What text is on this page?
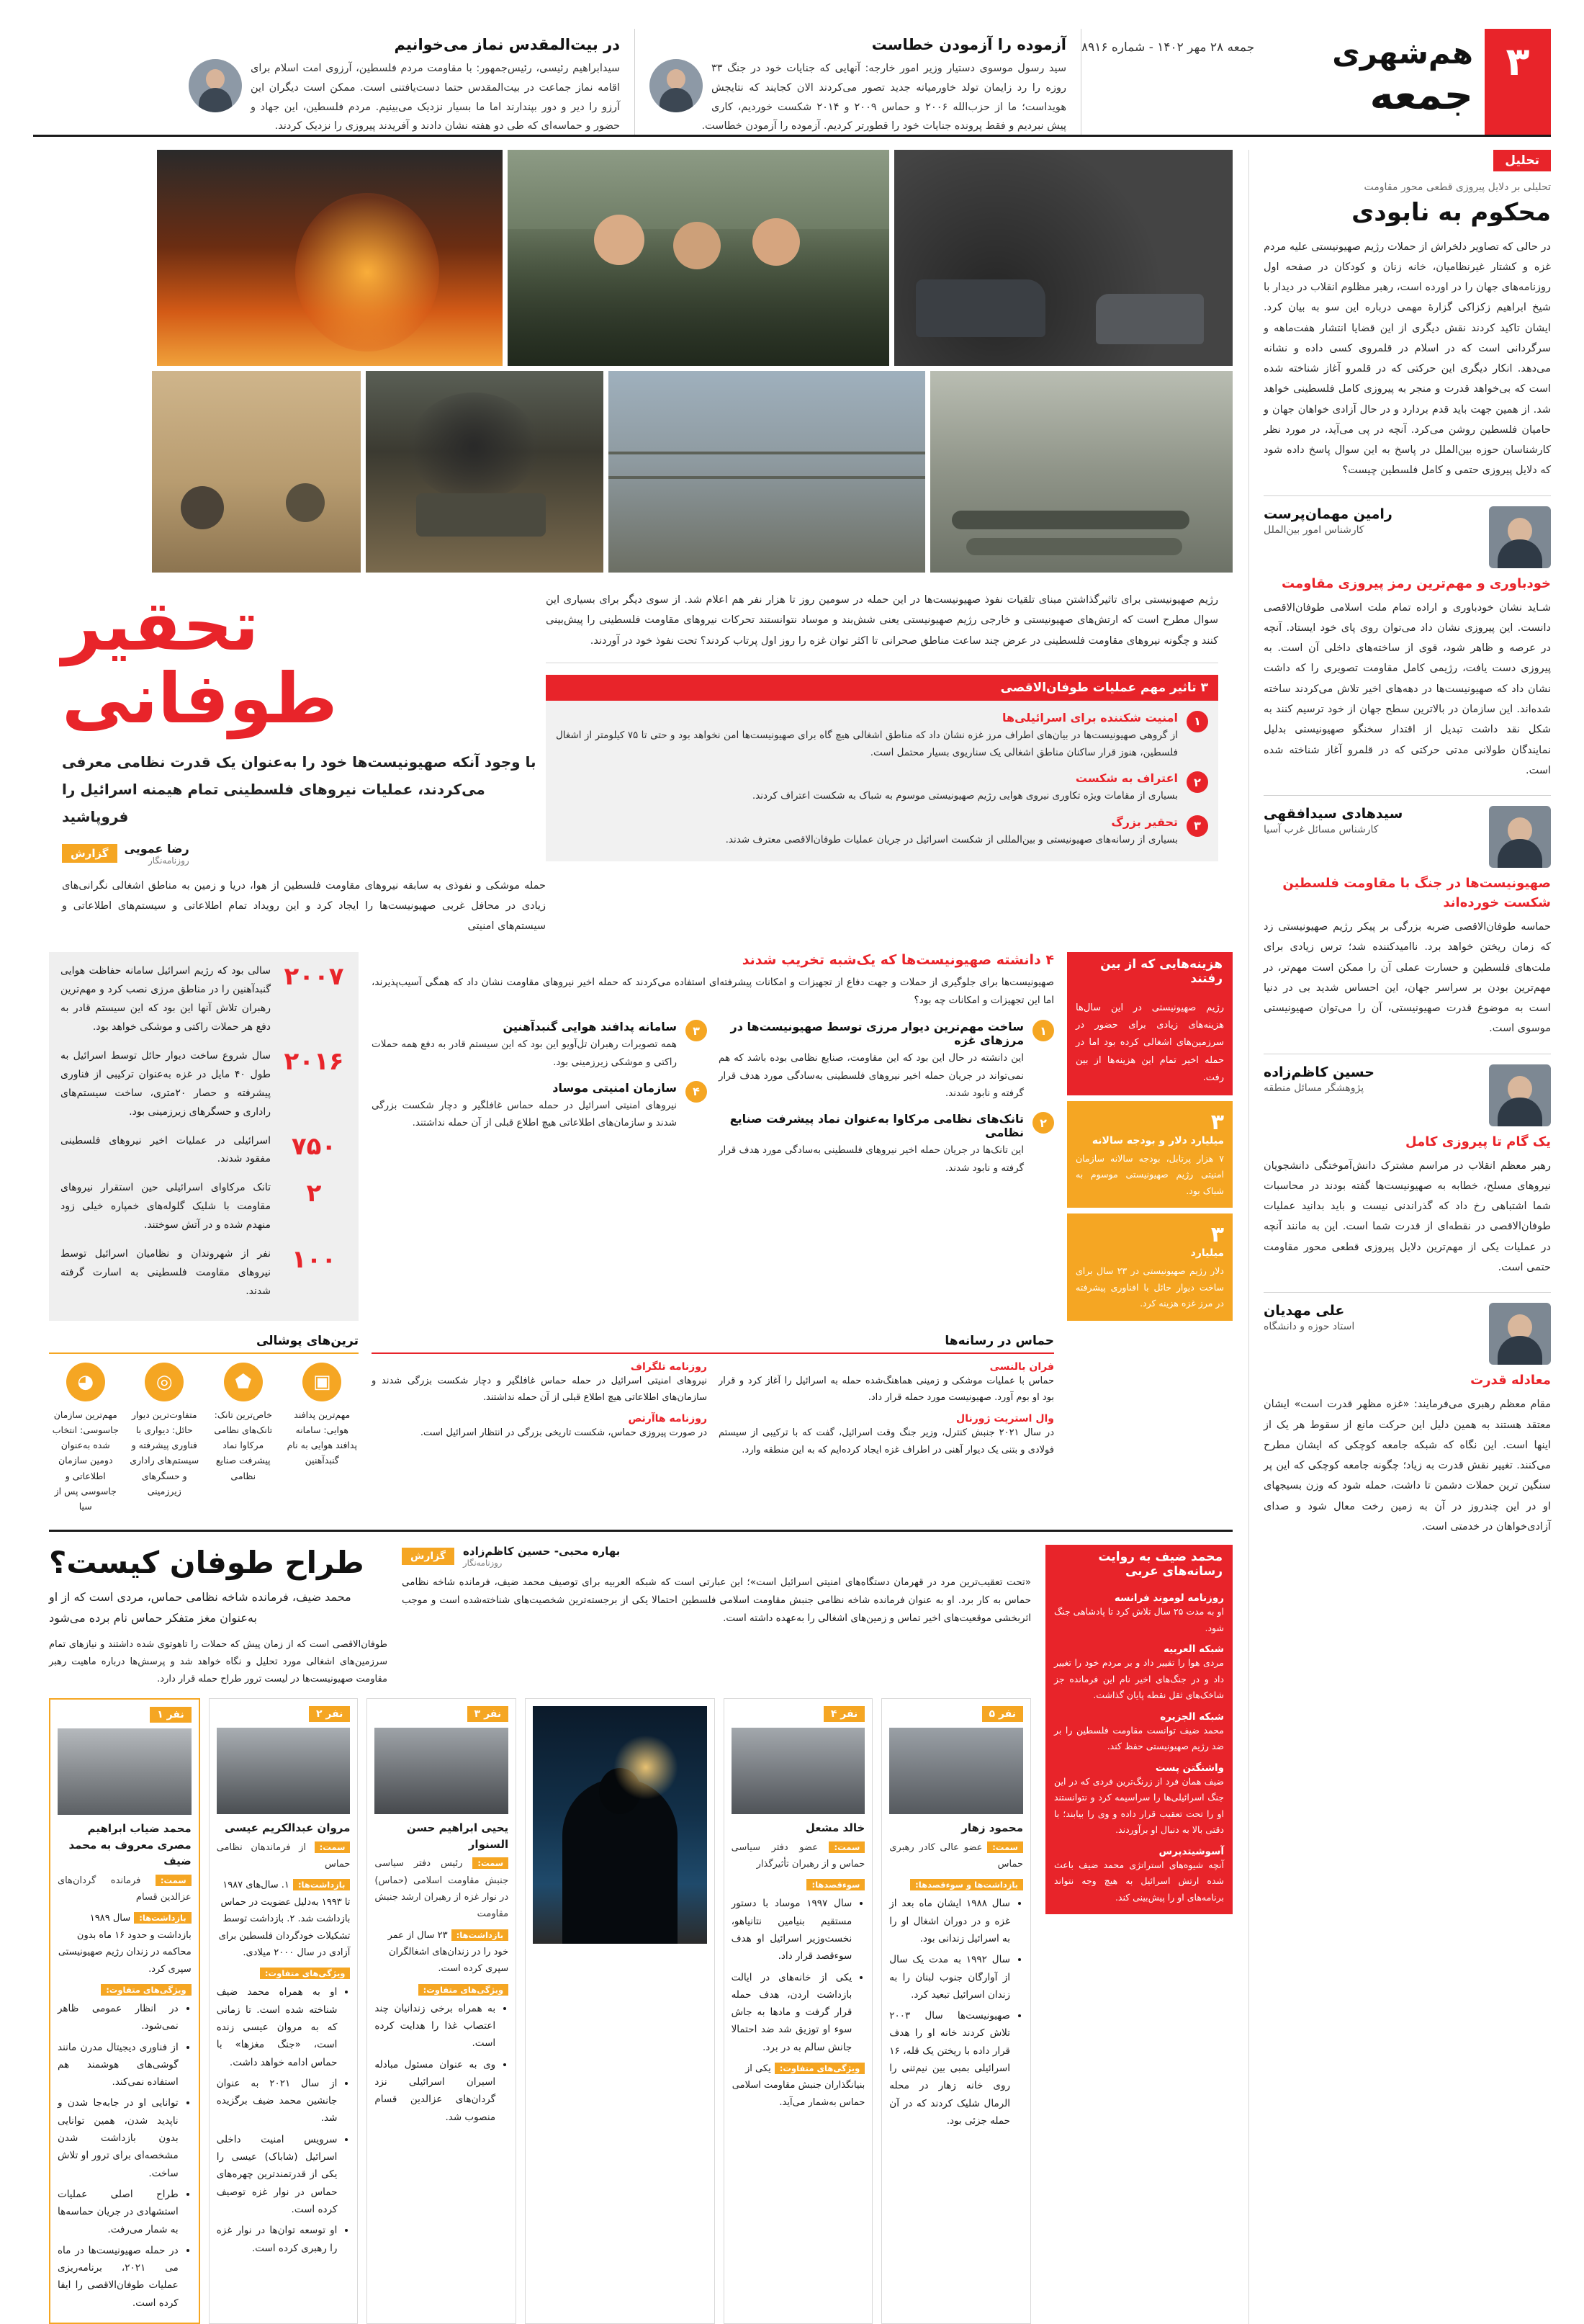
۳
هم‌شهری
جمعه
جمعه ۲۸ مهر ۱۴۰۲ - شماره ۸۹۱۶
آزموده را آزمودن خطاست

سید رسول موسوی دستیار وزیر امور خارجه: آنهایی که جنایات خود در جنگ ۳۳ روزه را رد زایمان تولد خاورمیانه جدید تصور می‌کردند الان کجایند که نتایجش هویداست؛ ما از حزب‌الله ۲۰۰۶ و حماس ۲۰۰۹ و ۲۰۱۴ شکست خوردیم، کاری پیش نبردیم و فقط پرونده جنایات خود را قطورتر کردیم. آزموده را آزمودن خطاست.

در بیت‌المقدس نماز می‌خوانیم

سیدابراهیم رئیسی، رئیس‌جمهور: با مقاومت مردم فلسطین، آرزوی امت اسلام برای اقامه نماز جماعت در بیت‌المقدس حتما دست‌یافتنی است. ممکن است دیگران این آرزو را دیر و دور بپندارند اما ما بسیار نزدیک می‌بینیم. مردم فلسطین، این جهاد و حضور و حماسه‌ای که طی دو هفته نشان دادند و آفریدند پیروزی را نزدیک کردند.

تحلیل
تحلیلی بر دلایل پیروزی قطعی محور مقاومت
محکوم به نابودی
در حالی که تصاویر دلخراش از حملات رژیم صهیونیستی علیه مردم غزه و کشتار غیرنظامیان، خانه زنان و کودکان در صفحه اول روزنامه‌های جهان را در اورده است، رهبر مظلوم انقلاب در دیدار با شیخ ابراهیم زکزاکی گزارهٔ مهمی درباره این سو به بیان کرد. ایشان تاکید کردند نقش دیگری از این قضایا انتشار هفت‌ماهه و سرگردانی است که در اسلام در قلمروی کسی داده و نشانه می‌دهد. انکار دیگری این حرکتی که در قلمرو آغاز شناخته شده است که بی‌خواهد قدرت و منجر به پیروزی کامل فلسطینی خواهد شد. از همین جهت باید قدم بردارد و در حال آزادی خواهان جهان و حامیان فلسطین روشن می‌کرد. آنچه در پی می‌آید، در مورد نظر کارشناسان حوزه بین‌الملل در پاسخ به این سوال پاسخ داده شود که دلایل پیروزی حتمی و کامل فلسطین چیست؟
رامین مهمان‌پرست
کارشناس امور بین‌الملل
خودباوری و مهم‌ترین رمز پیروزی مقاومت
شـاید نشان خودباوری و اراده تمام ملت اسلامی طوفان‌الاقصی دانست. این پیروزی نشان داد می‌توان روی پای خود ایستاد. آنچه در عرصه و ظاهر شود، قوی از ساخته‌های داخلی آن است. به پیروزی دست یافت، رژیمی کامل مقاومت تصویری را که داشت نشان داد که صهیونیست‌ها در دهه‌های اخیر تلاش می‌کردند ساخته شده‌اند. این سازمان در بالاترین سطح جهان از خود ترسیم کنند به شکل نقد داشت تبدیل از اقتدار سخنگو صهیونیستی بدلیل نمایندگان طولانی مدتی حرکتی که در قلمرو آغاز شناخته شده است.
سیدهادی سیدافقهی
کارشناس مسائل غرب آسیا
صهیونیست‌ها در جنگ با مقاومت فلسطین شکست خورده‌اند
حماسه طوفان‌الاقصی ضربه بزرگی بر پیکر رژیم صهیونیستی زد که زمان ریختن خواهد برد. ناامیدکننده شد؛ ترس زیادی برای ملت‌های فلسطین و حسارت عملی آن را ممکن است مهم‌تر، در مهم‌ترین بودن بر سراسر جهان، این احساس شدید بی در دنیا است به موضوع قدرت صهیونیستی، آن را می‌توان صهیونیستی موسوی است.
حسین کاظم‌زاده
پژوهشگر مسائل منطقه
یک گام تا پیروزی کامل
رهبر معظم انقلاب در مراسم مشترک دانش‌آموختگی دانشجویان نیروهای مسلح، خطابه به صهیونیست‌ها گفته بودند در محاسبات شما اشتباهی رخ داد که گذراندنی نیست و باید بدانید عملیات طوفان‌الاقصی در نقطه‌ای از قدرت شما است. این به مانند آنچه در عملیات یکی از مهم‌ترین دلایل پیروزی قطعی محور مقاومت حتمی است.
علی مهدیان
استاد حوزه و دانشگاه
معادله قدرت
مقام معظم رهبری می‌فرمایند: «غزه مظهر قدرت است» ایشان معتقد هستند به همین دلیل این حرکت مانع از سقوط هر یک از اینها است. این نگاه که شبکه جامعه کوچکی که ایشان مطرح می‌کنند. تغییر نقش قدرت به زیاد؛ چگونه جامعه کوچکی که این پر سنگین ترین حملات دشمن تا داشت، حمله شود که وزن بسیجهای او در این چندروز در آن به زمین رخت معال شود و صدای آزادی‌خواهان در خدمتی است.
رژیم صهیونیستی برای تاثیرگذاشتن مبنای تلقیات نفوذ صهیونیست‌ها در این حمله در سومین روز تا هزار نفر هم اعلام شد. از سوی دیگر برای بسیاری این سوال مطرح است که ارتش‌های صهیونیستی و خارجی رژیم صهیونیستی یعنی شش‌بند و موساد نتوانستند تحرکات نیروهای مقاومت فلسطینی را پیش‌بینی کنند و چگونه نیروهای مقاومت فلسطینی در عرض چند ساعت مناطق صحرانی تا اکثر توان غزه را روز اول پرتاب کردند؟ تحت نفوذ خود در آوردند.
۳ تاثیر مهم عملیات طوفان‌الاقصی
۱
امنیت شکننده برای اسرائیلی‌ها
از گروهی صهیونیست‌ها در بیان‌های اطراف مرز غزه نشان داد که مناطق اشغالی هیچ گاه برای صهیونیست‌ها امن نخواهد بود و حتی تا ۷۵ کیلومتر از اشغال فلسطین، هنوز قرار ساکنان مناطق اشغالی یک سناریوی بسیار محتمل است.
۲
اعتراف به شکست
بسیاری از مقامات ویژه تکاوری نیروی هوایی رژیم صهیونیستی موسوم به شباک به شکست اعتراف کردند.
۳
تحقیر بزرگ
بسیاری از رسانه‌های صهیونیستی و بین‌المللی از شکست اسرائیل در جریان عملیات طوفان‌الاقصی معترف شدند.
تحقیر طوفانی
با وجود آنکه صهیونیست‌ها خود را به‌عنوان یک قدرت نظامی معرفی می‌کردند، عملیات نیروهای فلسطینی تمام هیمنه اسرائیل را فروپاشید
رضا عمویی
روزنامه‌نگار
گزارش
حمله موشکی و نفوذی به سابقه نیروهای مقاومت فلسطین از هوا، دریا و زمین به مناطق اشغالی نگرانی‌های زیادی در محافل غربی صهیونیست‌ها را ایجاد کرد و این رویداد تمام اطلاعاتی و سیستم‌های اطلاعاتی و سیستم‌های امنیتی
هزینه‌هایی که از بین رفتند
رژیم صهیونیستی در این سال‌ها هزینه‌های زیادی برای حضور در سرزمین‌های اشغالی کرده بود اما در حمله اخیر تمام این هزینه‌ها از بین رفت.
۳
میلیارد دلار و بودجه سالانه
۷ هزار پرتابل، بودجه سالانه سازمان امنیتی رژیم صهیونیستی موسوم به شباک بود.
۳
میلیارد
دلار رژیم صهیونیستی در ۲۳ سال برای ساخت دیوار حائل با افناوری پیشرفته در مرز غزه هزینه کرد.
۴ دانشته صهیونیست‌ها که یک‌شبه تخریب شدند
صهیونیست‌ها برای جلوگیری از حملات و جهت دفاع از تجهیزات و امکانات پیشرفته‌ای استفاده می‌کردند که حمله اخیر نیروهای مقاومت نشان داد که همگی آسیب‌پذیرند، اما این تجهیزات و امکانات چه بود؟
۱
ساخت مهم‌ترین دیوار مرزی توسط صهیونیست‌ها در مرزهای غزه
این دانشته در حال این بود که این مقاومت، صنایع نظامی بوده باشد که هم نمی‌تواند در جریان حمله اخیر نیروهای فلسطینی به‌سادگی مورد هدف قرار گرفته و نابود شدند.
۲
تانک‌های نظامی مرکاوا به‌عنوان نماد پیشرفت صنایع نظامی
این تانک‌ها در جریان حمله اخیر نیروهای فلسطینی به‌سادگی مورد هدف قرار گرفته و نابود شدند.
۳
سامانه پدافند هوایی گنبدآهنین
همه تصویرات رهبران تل‌آویو این بود که این سیستم قادر به دفع همه حملات راکتی و موشکی زیرزمینی بود.
۴
سازمان امنیتی موساد
نیروهای امنیتی اسرائیل در حمله حماس غافلگیر و دچار شکست بزرگی شدند و سازمان‌های اطلاعاتی هیچ اطلاع قبلی از آن حمله نداشتند.
۲۰۰۷
سالی بود که رژیم اسرائیل سامانه حفاظت هوایی گنبدآهنین را در مناطق مرزی نصب کرد و مهم‌ترین رهبران تلاش آنها این بود که این سیستم قادر به دفع هر حملات راکتی و موشکی خواهد بود.
۲۰۱۶
سال شروع ساخت دیوار حائل توسط اسرائیل به طول ۴۰ مایل در غزه به‌عنوان ترکیبی از فناوری پیشرفته و حصار ۲۰متری، ساخت سیستم‌های راداری و حسگرهای زیرزمینی بود.
۷۵۰
اسرائیلی در عملیات اخیر نیروهای فلسطینی مفقود شدند.
۲
تانک مرکاوای اسرائیلی حین استقرار نیروهای مقاومت با شلیک گلوله‌های خمپاره خیلی زود منهدم شده و در آتش سوختند.
۱۰۰
نفر از شهروندان و نظامیان اسرائیل توسط نیروهای مقاومت فلسطینی به اسارت گرفته شدند.
حماس در رسانه‌ها
فران بالنسی
حماس با عملیات موشکی و زمینی هماهنگ‌شده حمله به اسرائیل را آغاز کرد و قرار بود او بوم آورد. صهیونیست مورد حمله قرار داد.
وال استریت ژورنال
در سال ۲۰۲۱ جنبش کنترل، وزیر جنگ وقت اسرائیل، گفت که با ترکیبی از سیستم فولادی و بتنی یک دیوار آهنی در اطراف غزه ایجاد کرده‌ایم که به این منطقه وارد.
روزنامه تلگراف
نیروهای امنیتی اسرائیل در حمله حماس غافلگیر و دچار شکست بزرگی شدند و سازمان‌های اطلاعاتی هیچ اطلاع قبلی از آن حمله نداشتند.
روزنامه هاآرتص
در صورت پیروزی حماس، شکست تاریخی بزرگی در انتظار اسرائیل است.
ترین‌های پوشالی
▣
مهم‌ترین پدافند هوایی: سامانه پدافند هوایی به نام گنبدآهنین
⬟
خاص‌ترین تانک: تانک‌های نظامی مرکاوا نماد پیشرفت صنایع نظامی
◎
متفاوت‌ترین دیوار حائل: دیواری با فناوری پیشرفته و سیستم‌های راداری و حسگرهای زیرزمینی
◕
مهم‌ترین سازمان جاسوسی: انتخاب شده به‌عنوان دومین سازمان اطلاعاتی و جاسوسی پس از سیا
محمد ضیف به روایت رسانه‌های عربی
روزنامه لوموند فرانسه
او به مدت ۲۵ سال تلاش کرد تا پادشاهی جنگ شود.
شبکه العربیه
مردی هوا را تقییر داد و بر مردم خود را تغییر داد و در جنگ‌های اخیر نام این فرمانده جز شاخک‌های ثقل نقطه پایان گذاشت.
شبکه الجزیره
محمد ضیف توانست مقاومت فلسطین را بر ضد رژیم صهیونیستی حفظ کند.
واشنگتن پست
ضیف همان فرد از زرنگ‌ترین فردی که در این جنگ اسرائیلی‌ها را سراسیمه کرد و نتوانستند او را تحت تعقیب قرار داده و وی را بیابند؛ با دقتی بالا به دنبال او برآوردند.
آسوشیتدپرس
آنچه شیوه‌های استراتژی محمد ضیف باعث شده ارتش اسرائیل به هیچ وجه نتواند برنامه‌های او را پیش‌بینی کند.
بهاره محبی- حسین کاظم‌زاده
روزنامه‌نگار
گزارش
«تحت تعقیب‌ترین مرد در قهرمان دستگاه‌های امنیتی اسرائیل است»؛ این عبارتی است که شبکه العربیه برای توصیف محمد ضیف، فرمانده شاخه نظامی حماس به کار برد. او به عنوان فرمانده شاخه نظامی جنبش مقاومت اسلامی فلسطین احتمالا یکی از برجسته‌ترین شخصیت‌های شناخته‌شده است و موجب اثربخشی موقعیت‌های اخیر تماس و زمین‌های اشغالی را به‌عهده داشته است.
طراح طوفان کیست؟
محمد ضیف، فرمانده شاخه نظامی حماس، مردی است که از او به‌عنوان مغز متفکر حماس نام برده می‌شود
طوفان‌الاقصی است که از زمان پیش که حملات را تاهوتوی شده داشتند و نیازهای تمام سرزمین‌های اشغالی مورد تحلیل و نگاه خواهد شد و پرسش‌ها درباره ماهیت رهبر مقاومت صهیونیست‌ها در لیست ترور طراح حمله قرار دارد.
نفر ۵
محمود زهار
سمت: عضو عالی کادر رهبری حماس
بازداشت‌ها و سوءقصدها:
• سال ۱۹۸۸ ایشان ماه بعد از غزه و در دوران اشغال او را به اسرائیل زندانی بود.
• سال ۱۹۹۲ به مدت یک سال از آوارگان جنوب لبنان را به زندان اسرائیل تبعید کرد.
• صهیونیست‌ها سال ۲۰۰۳ تلاش کردند خانه او را هدف قرار داده با ریختن یک قله، ۱۶ اسرائیلی بمبی بین نیم‌تنی را روی خانه زهار در محله الرمال شلیک کردند که در آن حمله جزئی بود.
نفر ۴
خالد مشعل
سمت: عضو دفتر سیاسی حماس و از رهبران تأثیرگذار
سوءقصدها:
• سال ۱۹۹۷ موساد با دستور مستقیم بنیامین نتانیاهو، نخست‌وزیر اسرائیل او هدف سوءقصد قرار داد.
• یکی از خانه‌های در ایالت بازداشت اردن، هدف حمله قرار گرفت و مادها به جاش سوء او توزیق شد ضد احتمالا جانش سالم به در برد.
ویژگی‌های متفاوت: یکی از بنیانگذاران جنبش مقاومت اسلامی حماس به‌شمار می‌آید.
نفر ۳
یحیی ابراهیم حسن السنوار
سمت: رئیس دفتر سیاسی جنبش مقاومت اسلامی (حماس) در نوار غزه از رهبران ارشد جنبش مقاومت
بازداشت‌ها: ۲۳ سال از عمر خود را در زندان‌های اشغالگران سپری کرده است.
ویژگی‌های متفاوت:
• به همراه برخی زندانیان چند اعتصاب غذا را هدایت کرده است.
• وی به عنوان مسئول مبادله اسیران اسرائیلی نزد گردان‌های عزالدین قسام منصوب شد.
نفر ۲
مروان عبدالکریم عیسی
سمت: از فرماندهان نظامی حماس
بازداشت‌ها: ۱. سال‌های ۱۹۸۷ تا ۱۹۹۳ به‌دلیل عضویت در حماس بازداشت شد. ۲. بازداشت توسط تشکیلات خودگردان فلسطین برای آزادی در سال ۲۰۰۰ میلادی.
ویژگی‌های متفاوت:
• او به همراه محمد ضیف شناخته شده است. تا زمانی که به مروان عیسی زنده است، «جنگ مغزها» با حماس ادامه خواهد داشت.
• از سال ۲۰۲۱ به عنوان جانشین محمد ضیف برگزیده شد.
• سرویس امنیت داخلی اسرائیل (شاباک) عیسی را یکی از قدرتمندترین چهره‌های حماس در نوار غزه توصیف کرده است.
• او توسعه توان‌ها در نوار غزه را رهبری کرده است.
نفر ۱
محمد ضیاب ابراهیم مصری معروف به محمد ضیف
سمت: فرمانده گردان‌های عزالدین قسام
بازداشت‌ها: سال ۱۹۸۹ بازداشت و حدود ۱۶ ماه بدون محاکمه در زندان رژیم صهیونیستی سپری کرد.
ویژگی‌های متفاوت:
• در انظار عمومی ظاهر نمی‌شود.
• از فناوری دیجیتال مدرن مانند گوشی‌های هوشمند هم استفاده نمی‌کند.
• توانایی او در جابه‌جا شدن و ناپدید شدن، همین توانایی بدون بازداشت شدن مشخصه‌ای برای ترور او تلاش ساخت.
• طراح اصلی عملیات استشهادی در جریان حماسه‌ها به شمار می‌رفت.
• در حمله صهیونیست‌ها در ماه می ۲۰۲۱، برنامه‌ریزی عملیات طوفان‌الاقصی را ایفا کرده است.
